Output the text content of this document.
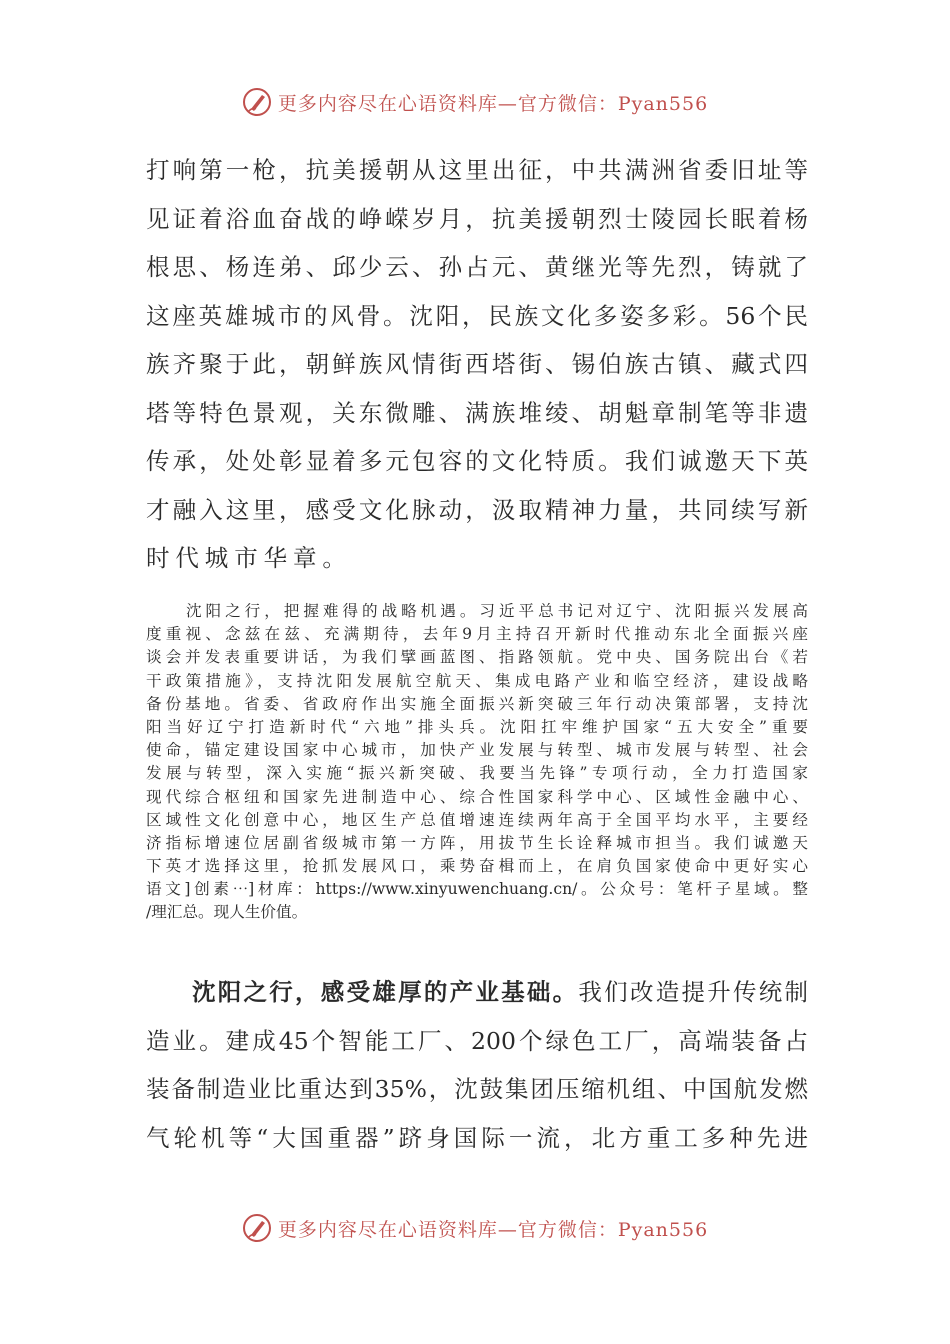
更多内容尽在心语资料库—官方微信：Pyan556
打响第一枪，抗美援朝从这里出征，中共满洲省委旧址等
见证着浴血奋战的峥嵘岁月，抗美援朝烈士陵园长眠着杨
根思、杨连弟、邱少云、孙占元、黄继光等先烈，铸就了
这座英雄城市的风骨。沈阳，民族文化多姿多彩。56个民
族齐聚于此，朝鲜族风情街西塔街、锡伯族古镇、藏式四
塔等特色景观，关东微雕、满族堆绫、胡魁章制笔等非遗
传承，处处彰显着多元包容的文化特质。我们诚邀天下英
才融入这里，感受文化脉动，汲取精神力量，共同续写新
时代城市华章。
沈阳之行，把握难得的战略机遇。习近平总书记对辽宁、沈阳振兴发展高
度重视、念兹在兹、充满期待，去年9月主持召开新时代推动东北全面振兴座
谈会并发表重要讲话，为我们擘画蓝图、指路领航。党中央、国务院出台《若
干政策措施》，支持沈阳发展航空航天、集成电路产业和临空经济，建设战略
备份基地。省委、省政府作出实施全面振兴新突破三年行动决策部署，支持沈
阳当好辽宁打造新时代“六地”排头兵。沈阳扛牢维护国家“五大安全”重要
使命，锚定建设国家中心城市，加快产业发展与转型、城市发展与转型、社会
发展与转型，深入实施“振兴新突破、我要当先锋”专项行动，全力打造国家
现代综合枢纽和国家先进制造中心、综合性国家科学中心、区域性金融中心、
区域性文化创意中心，地区生产总值增速连续两年高于全国平均水平，主要经
济指标增速位居副省级城市第一方阵，用拔节生长诠释城市担当。我们诚邀天
下英才选择这里，抢抓发展风口，乘势奋楫而上，在肩负国家使命中更好实心
语文]创素⋯]材库：https://www.xinyuwenchuang.cn/。公众号：笔杆子星域。整
/理汇总。现人生价值。
沈阳之行，感受雄厚的产业基础。我们改造提升传统制
造业。建成45个智能工厂、200个绿色工厂，高端装备占
装备制造业比重达到35%，沈鼓集团压缩机组、中国航发燃
气轮机等“大国重器”跻身国际一流，北方重工多种先进
更多内容尽在心语资料库—官方微信：Pyan556
